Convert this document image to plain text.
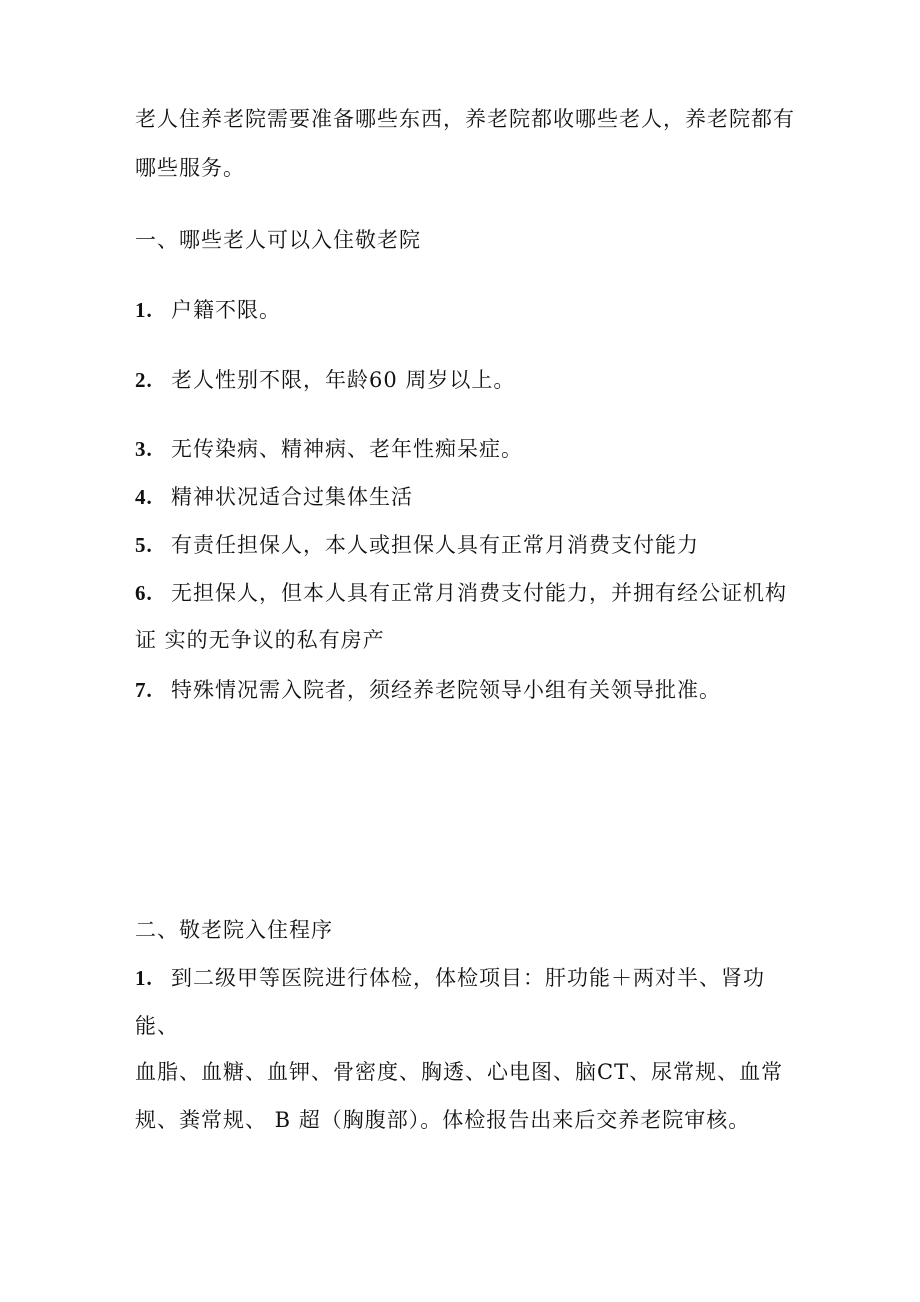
老人住养老院需要准备哪些东西，养老院都收哪些老人，养老院都有
哪些服务。
一、哪些老人可以入住敬老院
1. 户籍不限。
2. 老人性别不限，年龄60 周岁以上。
3. 无传染病、精神病、老年性痴呆症。
4. 精神状况适合过集体生活
5. 有责任担保人，本人或担保人具有正常月消费支付能力
6. 无担保人，但本人具有正常月消费支付能力，并拥有经公证机构
证 实的无争议的私有房产
7. 特殊情况需入院者，须经养老院领导小组有关领导批准。
二、敬老院入住程序
1. 到二级甲等医院进行体检，体检项目：肝功能＋两对半、肾功
能、
血脂、血糖、血钾、骨密度、胸透、心电图、脑CT、尿常规、血常
规、粪常规、 B 超（胸腹部）。体检报告出来后交养老院审核。
